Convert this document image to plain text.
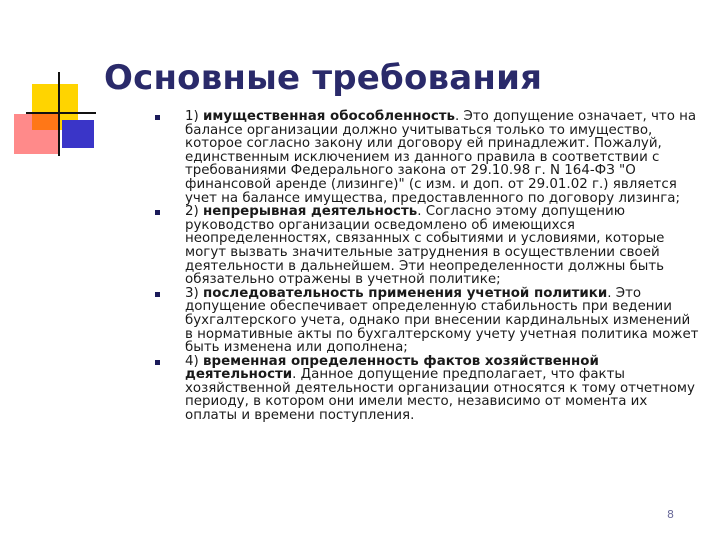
Основные требования
1) имущественная обособленность. Это допущение означает, что на балансе организации должно учитываться только то имущество, которое согласно закону или договору ей принадлежит. Пожалуй, единственным исключением из данного правила в соответствии с требованиями Федерального закона от 29.10.98 г. N 164-ФЗ "О финансовой аренде (лизинге)" (с изм. и доп. от 29.01.02 г.) является учет на балансе имущества, предоставленного по договору лизинга;
2) непрерывная деятельность. Согласно этому допущению руководство организации осведомлено об имеющихся неопределенностях, связанных с событиями и условиями, которые могут вызвать значительные затруднения в осуществлении своей деятельности в дальнейшем. Эти неопределенности должны быть обязательно отражены в учетной политике;
3) последовательность применения учетной политики. Это допущение обеспечивает определенную стабильность при ведении бухгалтерского учета, однако при внесении кардинальных изменений в нормативные акты по бухгалтерскому учету учетная политика может быть изменена или дополнена;
4) временная определенность фактов хозяйственной деятельности. Данное допущение предполагает, что факты хозяйственной деятельности организации относятся к тому отчетному периоду, в котором они имели место, независимо от момента их оплаты и времени поступления.
8
